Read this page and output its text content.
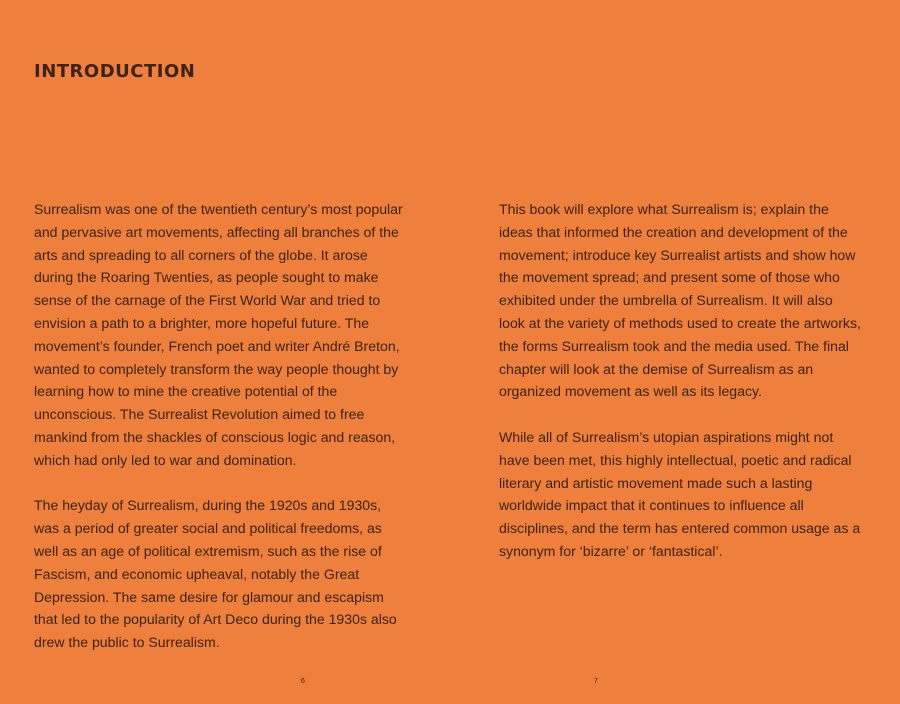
INTRODUCTION

Surrealism was one of the twentieth century’s most popular and pervasive art movements, affecting all branches of the arts and spreading to all corners of the globe. It arose during the Roaring Twenties, as people sought to make sense of the carnage of the First World War and tried to envision a path to a brighter, more hopeful future. The movement’s founder, French poet and writer André Breton, wanted to completely transform the way people thought by learning how to mine the creative potential of the unconscious. The Surrealist Revolution aimed to free mankind from the shackles of conscious logic and reason, which had only led to war and domination.

The heyday of Surrealism, during the 1920s and 1930s, was a period of greater social and political freedoms, as well as an age of political extremism, such as the rise of Fascism, and economic upheaval, notably the Great Depression. The same desire for glamour and escapism that led to the popularity of Art Deco during the 1930s also drew the public to Surrealism.

This book will explore what Surrealism is; explain the ideas that informed the creation and development of the movement; introduce key Surrealist artists and show how the movement spread; and present some of those who exhibited under the umbrella of Surrealism. It will also look at the variety of methods used to create the artworks, the forms Surrealism took and the media used. The final chapter will look at the demise of Surrealism as an organized movement as well as its legacy.

While all of Surrealism’s utopian aspirations might not have been met, this highly intellectual, poetic and radical literary and artistic movement made such a lasting worldwide impact that it continues to influence all disciplines, and the term has entered common usage as a synonym for ‘bizarre’ or ‘fantastical’.

6	7
